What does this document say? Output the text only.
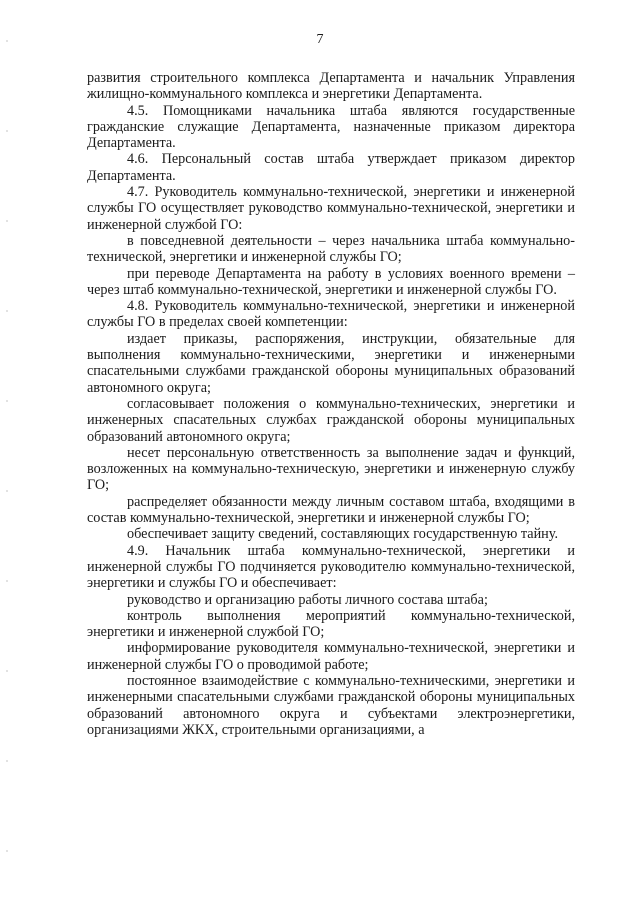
7

развития строительного комплекса Департамента и начальник Управления жилищно-коммунального комплекса и энергетики Департамента.

4.5. Помощниками начальника штаба являются государственные гражданские служащие Департамента, назначенные приказом директора Департамента.

4.6. Персональный состав штаба утверждает приказом директор Департамента.

4.7. Руководитель коммунально-технической, энергетики и инженерной службы ГО осуществляет руководство коммунально-технической, энергетики и инженерной службой ГО:

в повседневной деятельности – через начальника штаба коммунально-технической, энергетики и инженерной службы ГО;

при переводе Департамента на работу в условиях военного времени – через штаб коммунально-технической, энергетики и инженерной службы ГО.

4.8. Руководитель коммунально-технической, энергетики и инженерной службы ГО в пределах своей компетенции:

издает приказы, распоряжения, инструкции, обязательные для выполнения коммунально-техническими, энергетики и инженерными спасательными службами гражданской обороны муниципальных образований автономного округа;

согласовывает положения о коммунально-технических, энергетики и инженерных спасательных службах гражданской обороны муниципальных образований автономного округа;

несет персональную ответственность за выполнение задач и функций, возложенных на коммунально-техническую, энергетики и инженерную службу ГО;

распределяет обязанности между личным составом штаба, входящими в состав коммунально-технической, энергетики и инженерной службы ГО;

обеспечивает защиту сведений, составляющих государственную тайну.

4.9. Начальник штаба коммунально-технической, энергетики и инженерной службы ГО подчиняется руководителю коммунально-технической, энергетики и службы ГО и обеспечивает:

руководство и организацию работы личного состава штаба;

контроль выполнения мероприятий коммунально-технической, энергетики и инженерной службой ГО;

информирование руководителя коммунально-технической, энергетики и инженерной службы ГО о проводимой работе;

постоянное взаимодействие с коммунально-техническими, энергетики и инженерными спасательными службами гражданской обороны муниципальных образований автономного округа и субъектами электроэнергетики, организациями ЖКХ, строительными организациями, а
